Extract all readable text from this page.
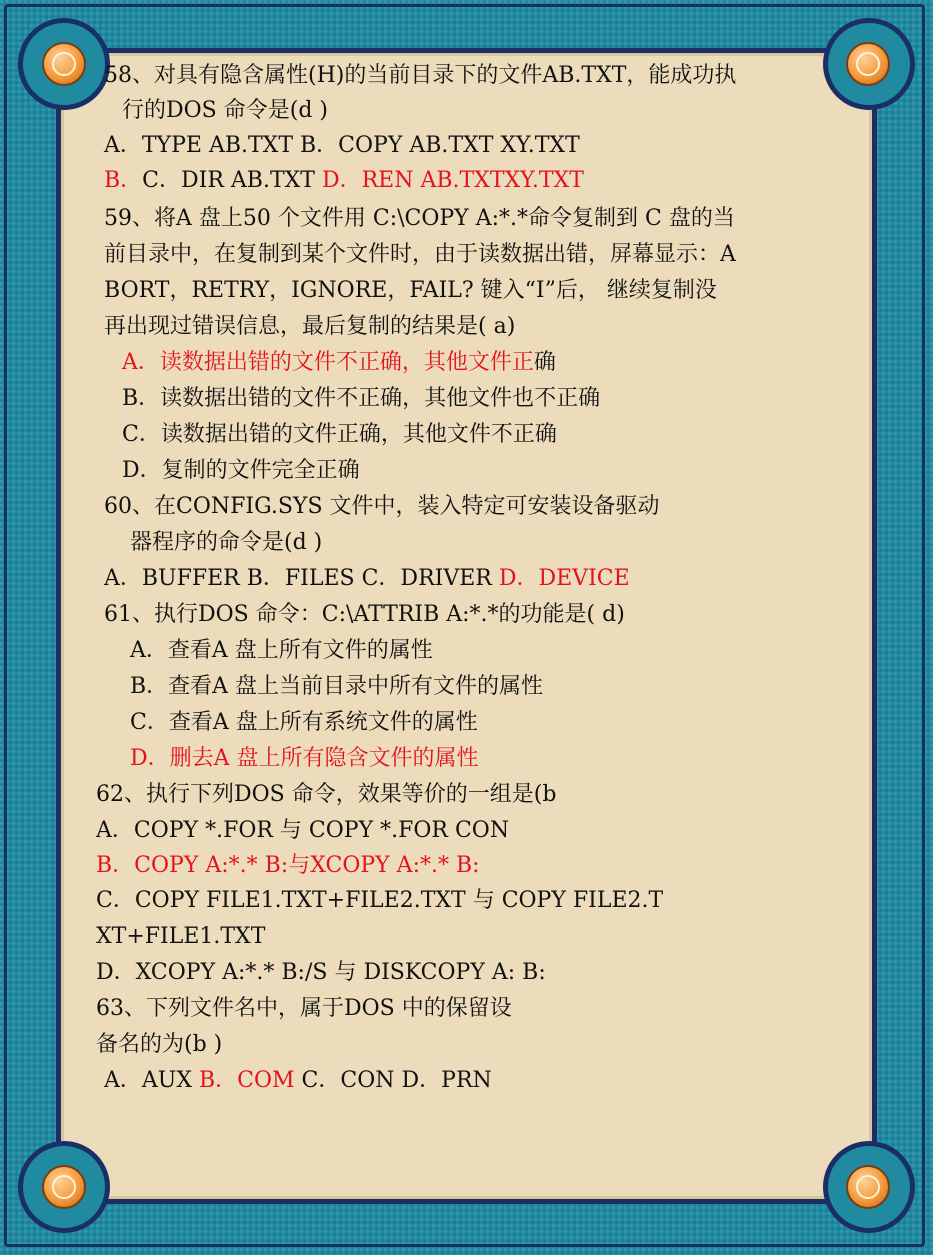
58、对具有隐含属性(H)的当前目录下的文件AB.TXT，能成功执
行的DOS 命令是(d )
A．TYPE AB.TXT B．COPY AB.TXT XY.TXT
B．C．DIR AB.TXT D．REN AB.TXTXY.TXT
59、将A 盘上50 个文件用 C:\COPY A:*.*命令复制到 C 盘的当
前目录中，在复制到某个文件时，由于读数据出错，屏幕显示：A
BORT，RETRY，IGNORE，FAIL? 键入“I”后， 继续复制没
再出现过错误信息，最后复制的结果是( a)
A．读数据出错的文件不正确，其他文件正确
B．读数据出错的文件不正确，其他文件也不正确
C．读数据出错的文件正确，其他文件不正确
D．复制的文件完全正确
60、在CONFIG.SYS 文件中，装入特定可安装设备驱动
器程序的命令是(d )
A．BUFFER B．FILES C．DRIVER D．DEVICE
61、执行DOS 命令：C:\ATTRIB A:*.*的功能是( d)
A．查看A 盘上所有文件的属性
B．查看A 盘上当前目录中所有文件的属性
C．查看A 盘上所有系统文件的属性
D．删去A 盘上所有隐含文件的属性
62、执行下列DOS 命令，效果等价的一组是(b
A．COPY *.FOR 与 COPY *.FOR CON
B．COPY A:*.* B:与XCOPY A:*.* B:
C．COPY FILE1.TXT+FILE2.TXT 与 COPY FILE2.T
XT+FILE1.TXT
D．XCOPY A:*.* B:/S 与 DISKCOPY A: B:
63、下列文件名中，属于DOS 中的保留设
备名的为(b )
A．AUX B．COM C．CON D．PRN
